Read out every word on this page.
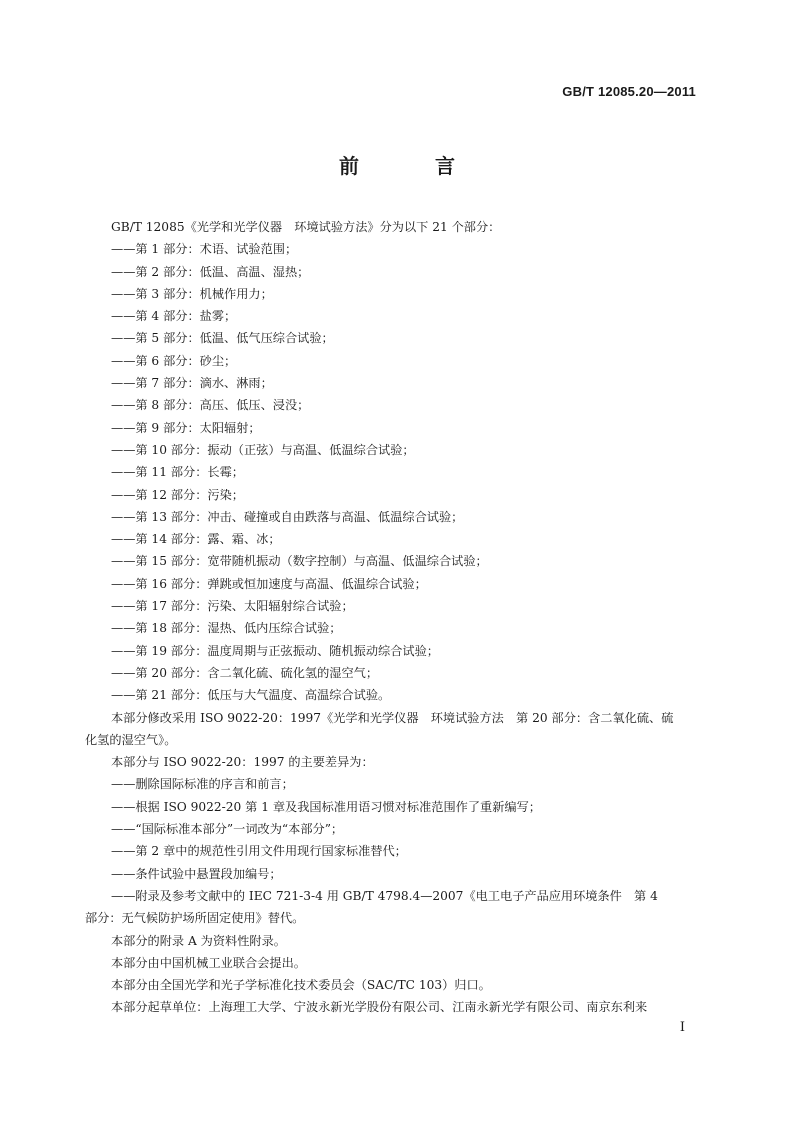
GB/T 12085.20—2011
前　言

GB/T 12085《光学和光学仪器　环境试验方法》分为以下 21 个部分：

——第 1 部分：术语、试验范围；

——第 2 部分：低温、高温、湿热；

——第 3 部分：机械作用力；

——第 4 部分：盐雾；

——第 5 部分：低温、低气压综合试验；

——第 6 部分：砂尘；

——第 7 部分：滴水、淋雨；

——第 8 部分：高压、低压、浸没；

——第 9 部分：太阳辐射；

——第 10 部分：振动（正弦）与高温、低温综合试验；

——第 11 部分：长霉；

——第 12 部分：污染；

——第 13 部分：冲击、碰撞或自由跌落与高温、低温综合试验；

——第 14 部分：露、霜、冰；

——第 15 部分：宽带随机振动（数字控制）与高温、低温综合试验；

——第 16 部分：弹跳或恒加速度与高温、低温综合试验；

——第 17 部分：污染、太阳辐射综合试验；

——第 18 部分：湿热、低内压综合试验；

——第 19 部分：温度周期与正弦振动、随机振动综合试验；

——第 20 部分：含二氧化硫、硫化氢的湿空气；

——第 21 部分：低压与大气温度、高温综合试验。

本部分修改采用 ISO 9022-20：1997《光学和光学仪器　环境试验方法　第 20 部分：含二氧化硫、硫
化氢的湿空气》。

本部分与 ISO 9022-20：1997 的主要差异为：

——删除国际标准的序言和前言；

——根据 ISO 9022-20 第 1 章及我国标准用语习惯对标准范围作了重新编写；

——“国际标准本部分”一词改为“本部分”；

——第 2 章中的规范性引用文件用现行国家标准替代；

——条件试验中悬置段加编号；

——附录及参考文献中的 IEC 721-3-4 用 GB/T 4798.4—2007《电工电子产品应用环境条件　第 4
部分：无气候防护场所固定使用》替代。

本部分的附录 A 为资料性附录。

本部分由中国机械工业联合会提出。

本部分由全国光学和光子学标准化技术委员会（SAC/TC 103）归口。

本部分起草单位：上海理工大学、宁波永新光学股份有限公司、江南永新光学有限公司、南京东利来

I
